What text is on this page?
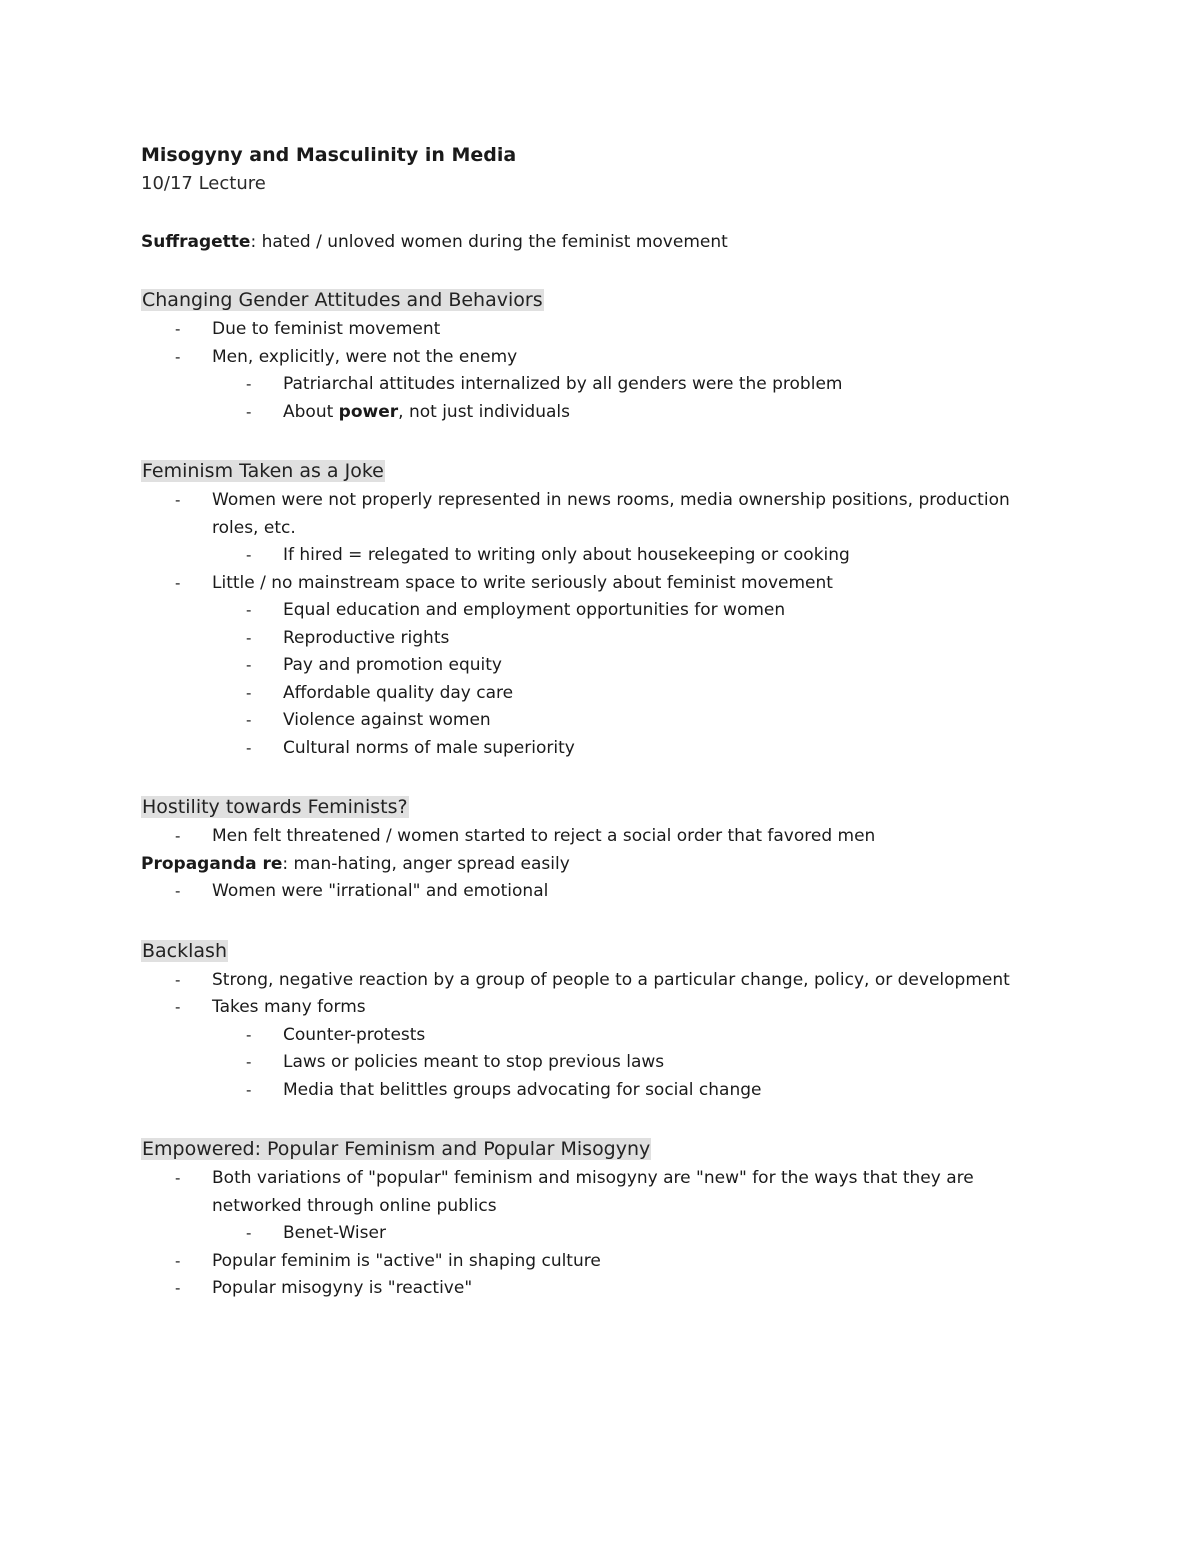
Misogyny and Masculinity in Media

10/17 Lecture

Suffragette: hated / unloved women during the feminist movement

Changing Gender Attitudes and Behaviors

- Due to feminist movement
- Men, explicitly, were not the enemy
- Patriarchal attitudes internalized by all genders were the problem
- About power, not just individuals

Feminism Taken as a Joke

- Women were not properly represented in news rooms, media ownership positions, production roles, etc.
- If hired = relegated to writing only about housekeeping or cooking
- Little / no mainstream space to write seriously about feminist movement
- Equal education and employment opportunities for women
- Reproductive rights
- Pay and promotion equity
- Affordable quality day care
- Violence against women
- Cultural norms of male superiority

Hostility towards Feminists?

- Men felt threatened / women started to reject a social order that favored men

Propaganda re: man-hating, anger spread easily

- Women were "irrational" and emotional

Backlash

- Strong, negative reaction by a group of people to a particular change, policy, or development
- Takes many forms
- Counter-protests
- Laws or policies meant to stop previous laws
- Media that belittles groups advocating for social change

Empowered: Popular Feminism and Popular Misogyny

- Both variations of "popular" feminism and misogyny are "new" for the ways that they are networked through online publics
- Benet-Wiser
- Popular feminim is "active" in shaping culture
- Popular misogyny is "reactive"
